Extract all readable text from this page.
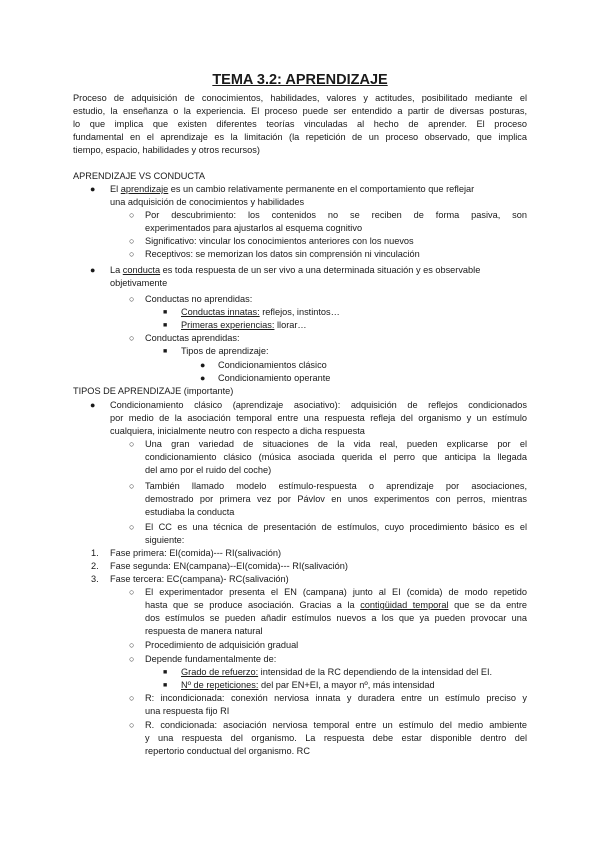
TEMA 3.2: APRENDIZAJE
Proceso de adquisición de conocimientos, habilidades, valores y actitudes, posibilitado mediante el
estudio, la enseñanza o la experiencia. El proceso puede ser entendido a partir de diversas posturas,
lo que implica que existen diferentes teorías vinculadas al hecho de aprender. El proceso
fundamental en el aprendizaje es la limitación (la repetición de un proceso observado, que implica
tiempo, espacio, habilidades y otros recursos)
APRENDIZAJE VS CONDUCTA
● El aprendizaje es un cambio relativamente permanente en el comportamiento que reflejar
una adquisición de conocimientos y habilidades
○ Por descubrimiento: los contenidos no se reciben de forma pasiva, son
experimentados para ajustarlos al esquema cognitivo
○ Significativo: vincular los conocimientos anteriores con los nuevos
○ Receptivos: se memorizan los datos sin comprensión ni vinculación
● La conducta es toda respuesta de un ser vivo a una determinada situación y es observable
objetivamente
○ Conductas no aprendidas:
■ Conductas innatas: reflejos, instintos…
■ Primeras experiencias: llorar…
○ Conductas aprendidas:
■ Tipos de aprendizaje:
● Condicionamientos clásico
● Condicionamiento operante
TIPOS DE APRENDIZAJE (importante)
● Condicionamiento clásico (aprendizaje asociativo): adquisición de reflejos condicionados
por medio de la asociación temporal entre una respuesta refleja del organismo y un estímulo
cualquiera, inicialmente neutro con respecto a dicha respuesta
○ Una gran variedad de situaciones de la vida real, pueden explicarse por el
condicionamiento clásico (música asociada querida el perro que anticipa la llegada
del amo por el ruido del coche)
○ También llamado modelo estímulo-respuesta o aprendizaje por asociaciones,
demostrado por primera vez por Pávlov en unos experimentos con perros, mientras
estudiaba la conducta
○ El CC es una técnica de presentación de estímulos, cuyo procedimiento básico es el
siguiente:
1. Fase primera: EI(comida)--- RI(salivación)
2. Fase segunda: EN(campana)--EI(comida)--- RI(salivación)
3. Fase tercera: EC(campana)- RC(salivación)
○ El experimentador presenta el EN (campana) junto al EI (comida) de modo repetido
hasta que se produce asociación. Gracias a la contigüidad temporal que se da entre
dos estímulos se pueden añadir estímulos nuevos a los que ya pueden provocar una
respuesta de manera natural
○ Procedimiento de adquisición gradual
○ Depende fundamentalmente de:
■ Grado de refuerzo: intensidad de la RC dependiendo de la intensidad del EI.
■ Nº de repeticiones: del par EN+EI, a mayor nº, más intensidad
○ R: incondicionada: conexión nerviosa innata y duradera entre un estímulo preciso y
una respuesta fijo RI
○ R. condicionada: asociación nerviosa temporal entre un estímulo del medio ambiente
y una respuesta del organismo. La respuesta debe estar disponible dentro del
repertorio conductual del organismo. RC
